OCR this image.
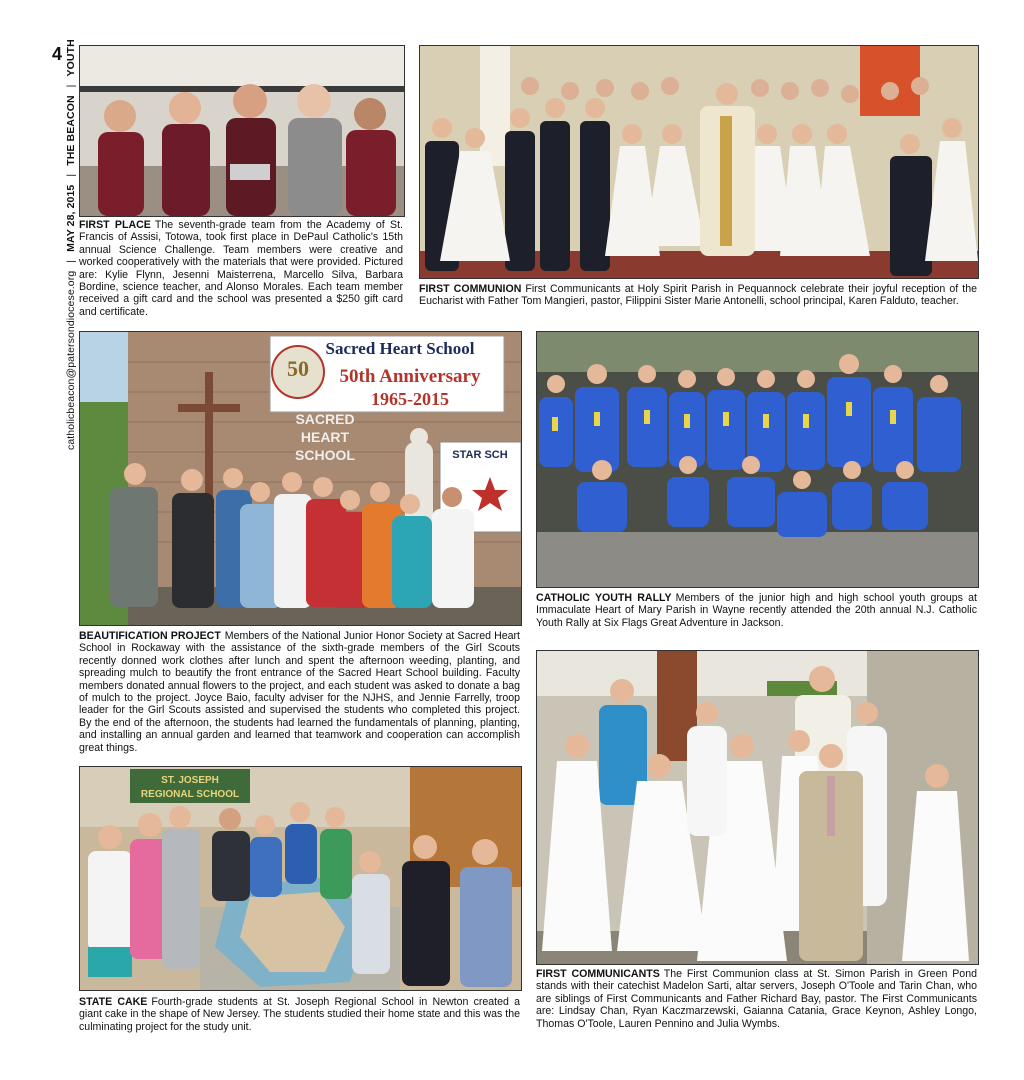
4
catholicbeacon@patersondiocese.org | MAY 28, 2015 | THE BEACON | YOUTH
FIRST PLACE The seventh-grade team from the Academy of St. Francis of Assisi, Totowa, took first place in DePaul Catholic's 15th annual Science Challenge. Team members were creative and worked cooperatively with the materials that were provided. Pictured are: Kylie Flynn, Jesenni Maisterrena, Marcello Silva, Barbara Bordine, science teacher, and Alonso Morales. Each team member received a gift card and the school was presented a $250 gift card and certificate.
FIRST COMMUNION First Communicants at Holy Spirit Parish in Pequannock celebrate their joyful reception of the Eucharist with Father Tom Mangieri, pastor, Filippini Sister Marie Antonelli, school principal, Karen Falduto, teacher.
50
Sacred Heart School
50th Anniversary
1965-2015
SACRED
HEART
SCHOOL	STAR SCH
BEAUTIFICATION PROJECT Members of the National Junior Honor Society at Sacred Heart School in Rockaway with the assistance of the sixth-grade members of the Girl Scouts recently donned work clothes after lunch and spent the afternoon weeding, planting, and spreading mulch to beautify the front entrance of the Sacred Heart School building. Faculty members donated annual flowers to the project, and each student was asked to donate a bag of mulch to the project. Joyce Baio, faculty adviser for the NJHS, and Jennie Farrelly, troop leader for the Girl Scouts assisted and supervised the students who completed this project. By the end of the afternoon, the students had learned the fundamentals of planning, planting, and installing an annual garden and learned that teamwork and cooperation can accomplish great things.
CATHOLIC YOUTH RALLY Members of the junior high and high school youth groups at Immaculate Heart of Mary Parish in Wayne recently attended the 20th annual N.J. Catholic Youth Rally at Six Flags Great Adventure in Jackson.
ST. JOSEPH
REGIONAL SCHOOL
STATE CAKE Fourth-grade students at St. Joseph Regional School in Newton created a giant cake in the shape of New Jersey. The students studied their home state and this was the culminating project for the study unit.
FIRST COMMUNICANTS The First Communion class at St. Simon Parish in Green Pond stands with their catechist Madelon Sarti, altar servers, Joseph O'Toole and Tarin Chan, who are siblings of First Communicants and Father Richard Bay, pastor. The First Communicants are: Lindsay Chan, Ryan Kaczmarzewski, Gaianna Catania, Grace Keynon, Ashley Longo, Thomas O'Toole, Lauren Pennino and Julia Wymbs.
